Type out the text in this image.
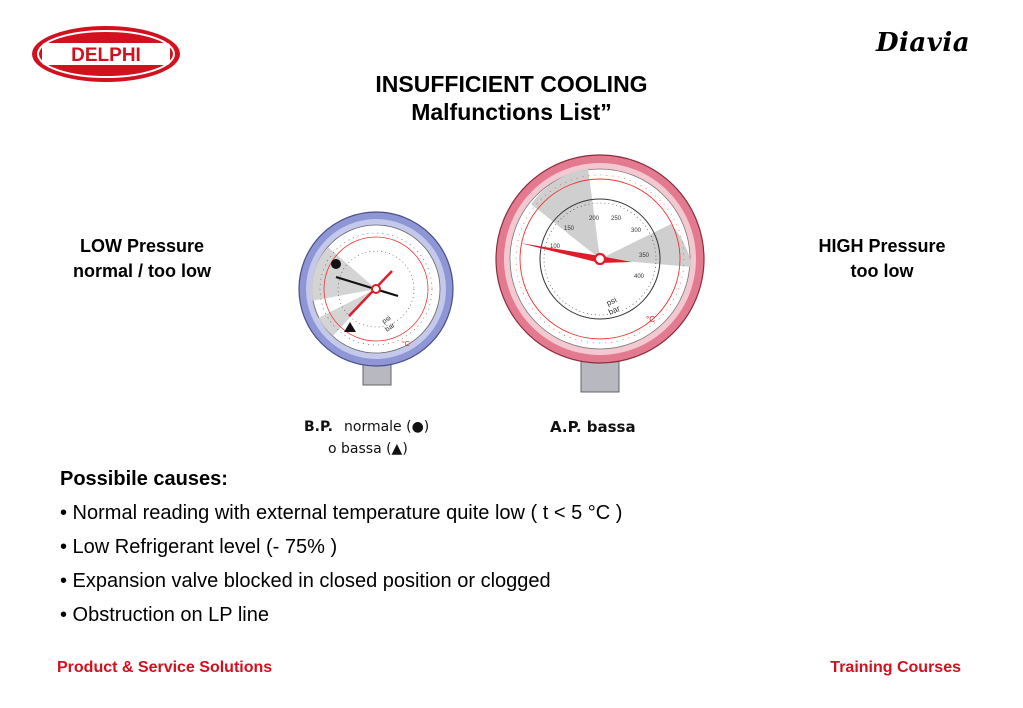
DELPHI	Diavia
INSUFFICIENT COOLING
Malfunctions List”
LOW Pressure
normal / too low
HIGH Pressure
too low
psi
bar
°C
B.P. normale (●)
o bassa (▲)
100
150
200 250
300
350
400
psi
bar
°C
A.P. bassa
Possibile causes:
• Normal reading with external temperature quite low ( t < 5 °C )
• Low Refrigerant level (- 75% )
• Expansion valve blocked in closed position or clogged
• Obstruction on LP line
Product & Service Solutions	Training Courses
